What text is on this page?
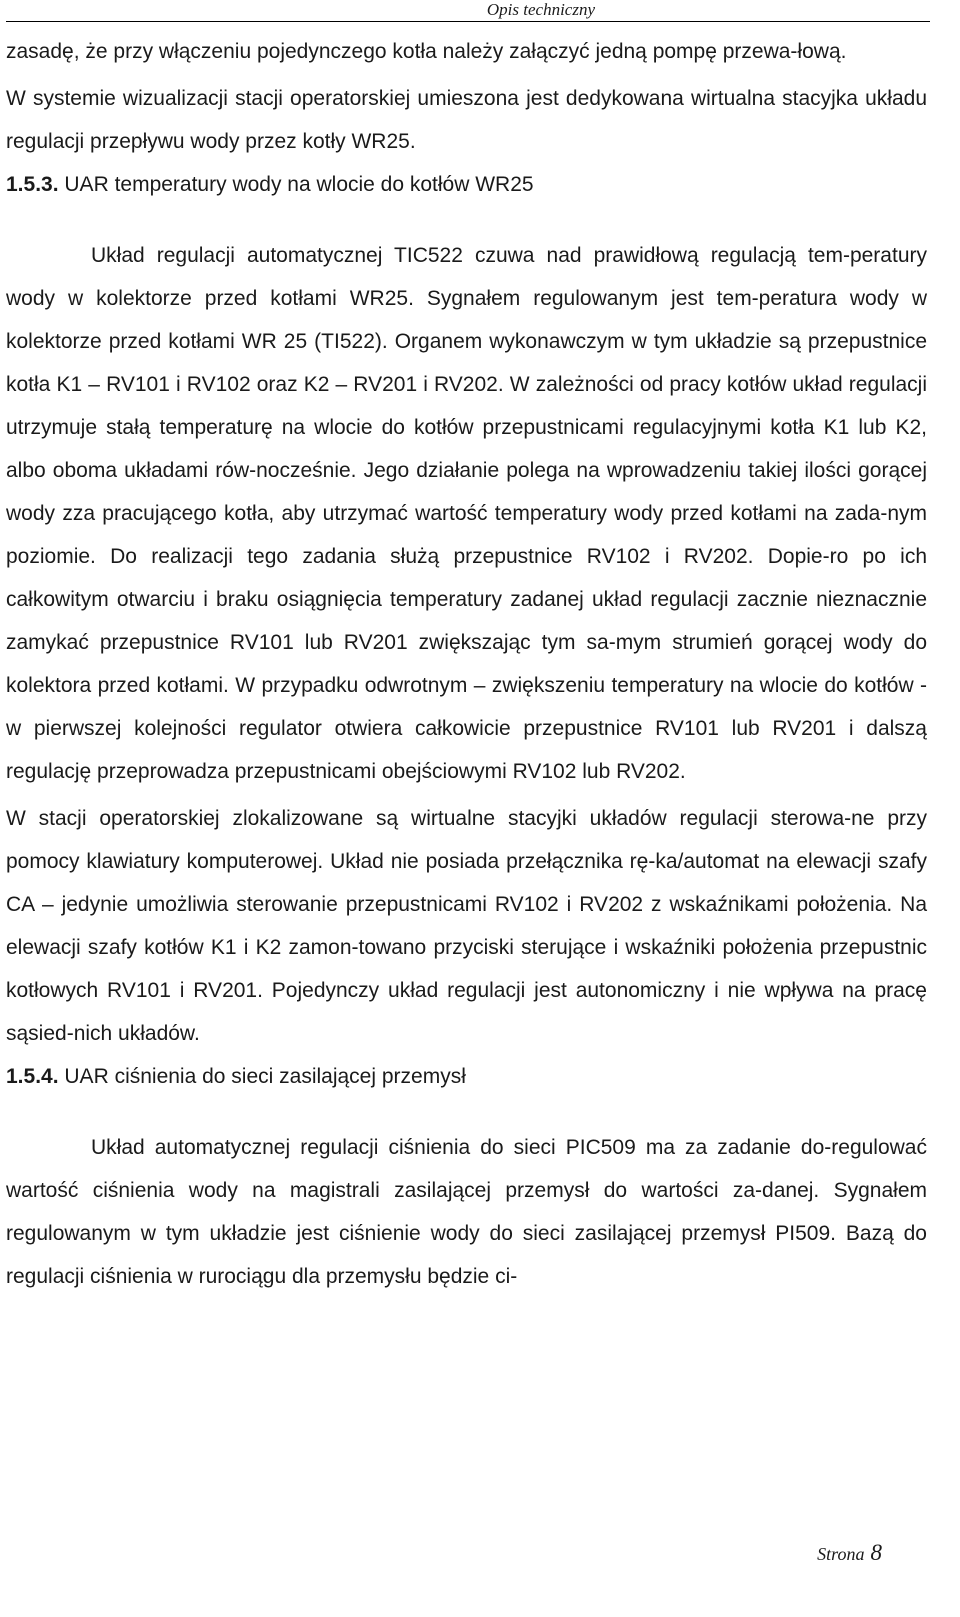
Opis techniczny

zasadę, że przy włączeniu pojedynczego kotła należy załączyć jedną pompę przewa-łową.

W systemie wizualizacji stacji operatorskiej umieszona jest dedykowana wirtualna stacyjka układu regulacji przepływu wody przez kotły WR25.

1.5.3. UAR temperatury wody na wlocie do kotłów WR25

Układ regulacji automatycznej TIC522 czuwa nad prawidłową regulacją tem-peratury wody w kolektorze przed kotłami WR25. Sygnałem regulowanym jest tem-peratura wody w kolektorze przed kotłami WR 25 (TI522). Organem wykonawczym w tym układzie są przepustnice kotła K1 – RV101 i RV102 oraz K2 – RV201 i RV202. W zależności od pracy kotłów układ regulacji utrzymuje stałą temperaturę na wlocie do kotłów przepustnicami regulacyjnymi kotła K1 lub K2, albo oboma układami rów-nocześnie. Jego działanie polega na wprowadzeniu takiej ilości gorącej wody zza pracującego kotła, aby utrzymać wartość temperatury wody przed kotłami na zada-nym poziomie. Do realizacji tego zadania służą przepustnice RV102 i RV202. Dopie-ro po ich całkowitym otwarciu i braku osiągnięcia temperatury zadanej układ regulacji zacznie nieznacznie zamykać przepustnice RV101 lub RV201 zwiększając tym sa-mym strumień gorącej wody do kolektora przed kotłami. W przypadku odwrotnym – zwiększeniu temperatury na wlocie do kotłów - w pierwszej kolejności regulator otwiera całkowicie przepustnice RV101 lub RV201 i dalszą regulację przeprowadza przepustnicami obejściowymi RV102 lub RV202.

W stacji operatorskiej zlokalizowane są wirtualne stacyjki układów regulacji sterowa-ne przy pomocy klawiatury komputerowej. Układ nie posiada przełącznika rę-ka/automat na elewacji szafy CA – jedynie umożliwia sterowanie przepustnicami RV102 i RV202 z wskaźnikami położenia. Na elewacji szafy kotłów K1 i K2 zamon-towano przyciski sterujące i wskaźniki położenia przepustnic kotłowych RV101 i RV201. Pojedynczy układ regulacji jest autonomiczny i nie wpływa na pracę sąsied-nich układów.

1.5.4. UAR ciśnienia do sieci zasilającej przemysł

Układ automatycznej regulacji ciśnienia do sieci PIC509 ma za zadanie do-regulować wartość ciśnienia wody na magistrali zasilającej przemysł do wartości za-danej. Sygnałem regulowanym w tym układzie jest ciśnienie wody do sieci zasilającej przemysł PI509. Bazą do regulacji ciśnienia w rurociągu dla przemysłu będzie ci-

Strona 8
